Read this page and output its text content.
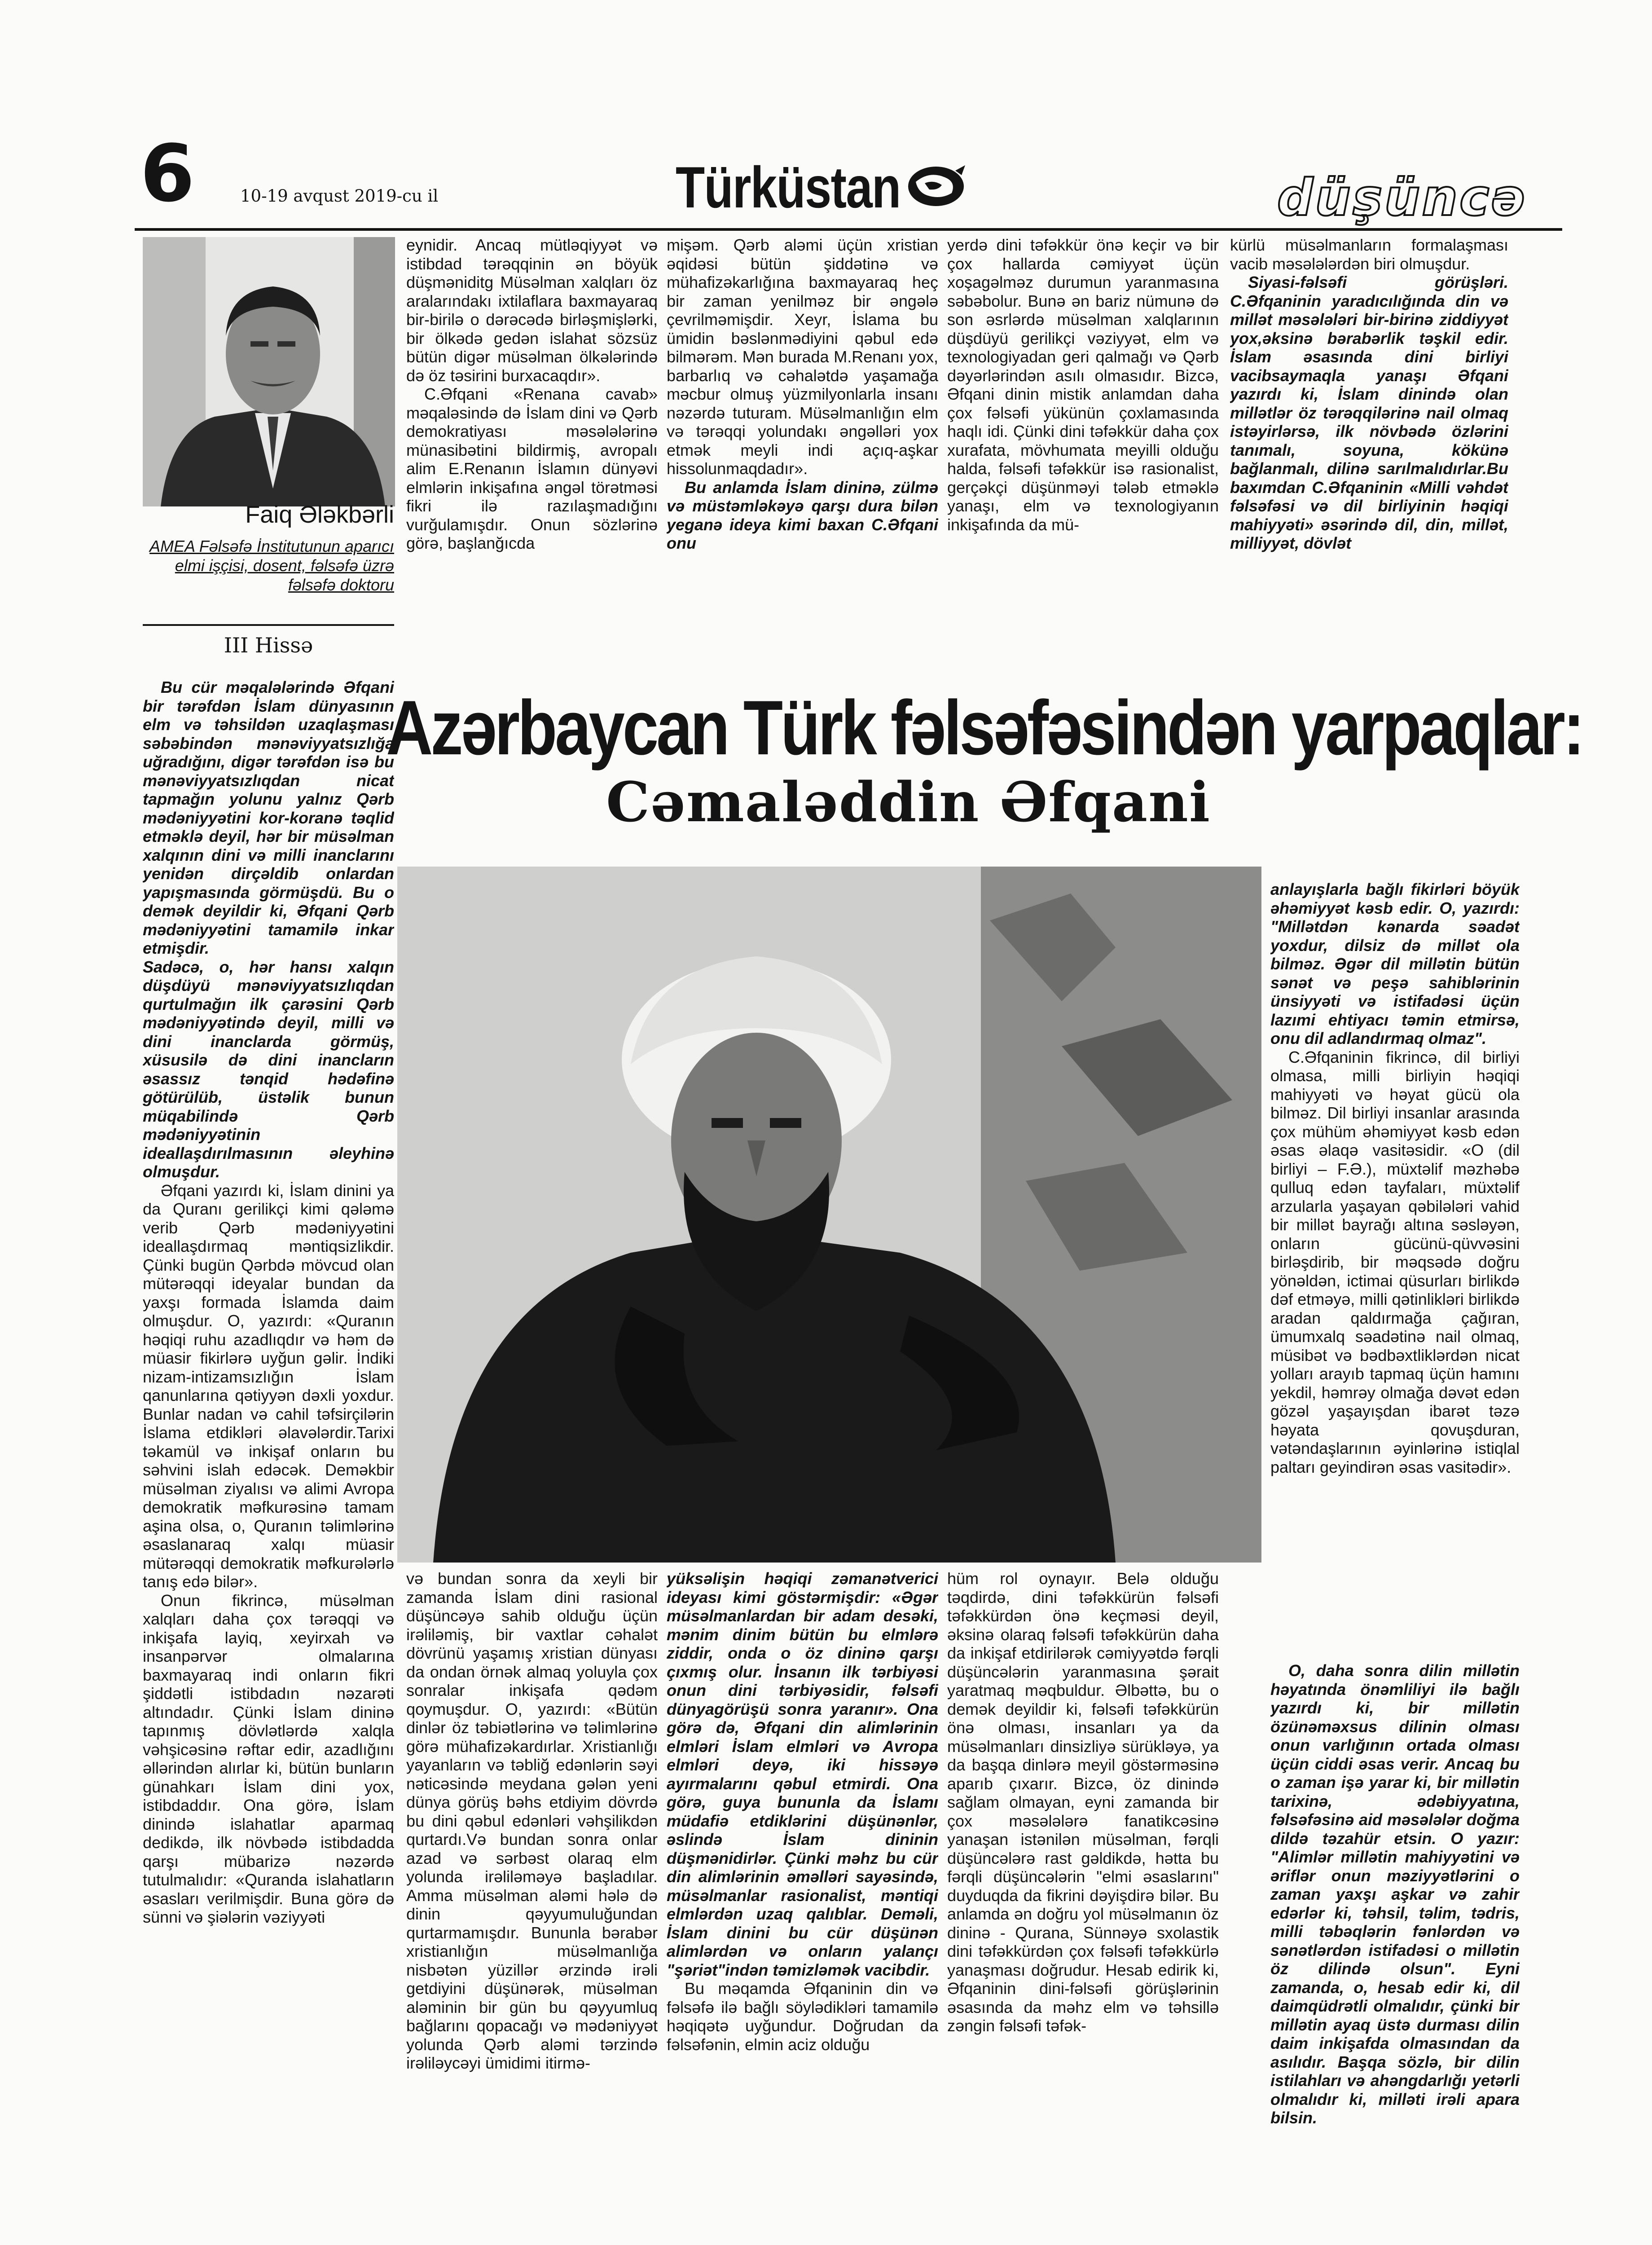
6	10-19 avqust 2019-cu il	Türküstan	düşüncə
Faiq Ələkbərli
AMEA Fəlsəfə İnstitutunun aparıcı elmi işçisi, dosent, fəlsəfə üzrə fəlsəfə doktoru
III Hissə

Bu cür məqalələrində Əfqani bir tərəfdən İslam dünyasının elm və təhsildən uzaqlaşması səbəbindən mənəviyyatsızlığa uğradığını, digər tərəfdən isə bu mənəviyyatsızlıqdan nicat tapmağın yolunu yalnız Qərb mədəniyyətini kor-koranə təqlid etməklə deyil, hər bir müsəlman xalqının dini və milli inanclarını yenidən dirçəldib onlardan yapışmasında görmüşdü. Bu o demək deyildir ki, Əfqani Qərb mədəniyyətini tamamilə inkar etmişdir.

Sadəcə, o, hər hansı xalqın düşdüyü mənəviyyatsızlıqdan qurtulmağın ilk çarəsini Qərb mədəniyyətində deyil, milli və dini inanclarda görmüş, xüsusilə də dini inancların əsassız tənqid hədəfinə götürülüb, üstəlik bunun müqabilində Qərb mədəniyyətinin ideallaşdırılmasının əleyhinə olmuşdur.

Əfqani yazırdı ki, İslam dinini ya da Quranı gerilikçi kimi qələmə verib Qərb mədəniyyətini ideallaşdırmaq məntiqsizlikdir. Çünki bugün Qərbdə mövcud olan mütərəqqi ideyalar bundan da yaxşı formada İslamda daim olmuşdur. O, yazırdı: «Quranın həqiqi ruhu azadlıqdır və həm də müasir fikirlərə uyğun gəlir. İndiki nizam-intizamsızlığın İslam qanunlarına qətiyyən dəxli yoxdur. Bunlar nadan və cahil təfsirçilərin İslama etdikləri əlavələrdir.Tarixi təkamül və inkişaf onların bu səhvini islah edəcək. Deməkbir müsəlman ziyalısı və alimi Avropa demokratik məfkurəsinə tamam aşina olsa, o, Quranın təlimlərinə əsaslanaraq xalqı müasir mütərəqqi demokratik məfkurələrlə tanış edə bilər».

Onun fikrincə, müsəlman xalqları daha çox tərəqqi və inkişafa layiq, xeyirxah və insanpərvər olmalarına baxmayaraq indi onların fikri şiddətli istibdadın nəzarəti altındadır. Çünki İslam dininə tapınmış dövlətlərdə xalqla vəhşicəsinə rəftar edir, azadlığını əllərindən alırlar ki, bütün bunların günahkarı İslam dini yox, istibdaddır. Ona görə, İslam dinində islahatlar aparmaq dedikdə, ilk növbədə istibdadda qarşı mübarizə nəzərdə tutulmalıdır: «Quranda islahatların əsasları verilmişdir. Buna görə də sünni və şiələrin vəziyyəti

eynidir. Ancaq mütləqiyyət və istibdad tərəqqinin ən böyük düşməniditg Müsəlman xalqları öz aralarındakı ixtilaflara baxmayaraq bir-birilə o dərəcədə birləşmişlərki, bir ölkədə gedən islahat sözsüz bütün digər müsəlman ölkələrində də öz təsirini burxacaqdır».

C.Əfqani «Renana cavab» məqaləsində də İslam dini və Qərb demokratiyası məsələlərinə münasibətini bildirmiş, avropalı alim E.Renanın İslamın dünyəvi elmlərin inkişafına əngəl törətməsi fikri ilə razılaşmadığını vurğulamışdır. Onun sözlərinə görə, başlanğıcda

mişəm. Qərb aləmi üçün xristian əqidəsi bütün şiddətinə və mühafizəkarlığına baxmayaraq heç bir zaman yenilməz bir əngələ çevrilməmişdir. Xeyr, İslama bu ümidin bəslənmədiyini qəbul edə bilmərəm. Mən burada M.Renanı yox, barbarlıq və cəhalətdə yaşamağa məcbur olmuş yüzmilyonlarla insanı nəzərdə tuturam. Müsəlmanlığın elm və tərəqqi yolundakı əngəlləri yox etmək meyli indi açıq-aşkar hissolunmaqdadır».

Bu anlamda İslam dininə, zülmə və müstəmləkəyə qarşı dura bilən yeganə ideya kimi baxan C.Əfqani onu

yerdə dini təfəkkür önə keçir və bir çox hallarda cəmiyyət üçün xoşagəlməz durumun yaranmasına səbəbolur. Bunə ən bariz nümunə də son əsrlərdə müsəlman xalqlarının düşdüyü gerilikçi vəziyyət, elm və texnologiyadan geri qalmağı və Qərb dəyərlərindən asılı olmasıdır. Bizcə, Əfqani dinin mistik anlamdan daha çox fəlsəfi yükünün çoxlamasında haqlı idi. Çünki dini təfəkkür daha çox xurafata, mövhumata meyilli olduğu halda, fəlsəfi təfəkkür isə rasionalist, gerçəkçi düşünməyi tələb etməklə yanaşı, elm və texnologiyanın inkişafında da mü-

kürlü müsəlmanların formalaşması vacib məsələlərdən biri olmuşdur.

Siyasi-fəlsəfi görüşləri. C.Əfqaninin yaradıcılığında din və millət məsələləri bir-birinə zidd​iyyət yox,əksinə bərabərlik təşkil edir. İslam əsasında dini birliyi vacibsaymaqla yanaşı Əfqani yazırdı ki, İslam dinində olan millətlər öz tərəqqilərinə nail olmaq istəyirlərsə, ilk növbədə özlərini tanımalı, soyuna, kökünə bağlanmalı, dilinə sarılmalıdırlar.Bu baxımdan C.Əfqaninin «Milli vəhdət fəlsəfəsi və dil birliyinin həqiqi mahiyyəti» əsərində dil, din, millət, milliyyət, dövlət

Azərbaycan Türk fəlsəfəsindən yarpaqlar:
Cəmaləddin Əfqani

anlayışlarla bağlı fikirləri böyük əhəmiyyət kəsb edir. O, yazırdı: "Millətdən kənarda səadət yoxdur, dilsiz də millət ola bilməz. Əgər dil millətin bütün sənət və peşə sahiblərinin ünsiyyəti və istifadəsi üçün lazımi ehtiyacı təmin etmirsə, onu dil adlandırmaq olmaz".

C.Əfqaninin fikrincə, dil birliyi olmasa, milli birliyin həqiqi mahiyyəti və həyat gücü ola bilməz. Dil birliyi insanlar arasında çox mühüm əhəmiyyət kəsb edən əsas əlaqə vasitəsidir. «O (dil birliyi – F.Ə.), müxtəlif məzhəbə qulluq edən tayfaları, müxtəlif arzularla yaşayan qəbilələri vahid bir millət bayrağı altına səsləyən, onların gücünü-qüvvəsini birləşdirib, bir məqsədə doğru yönəldən, ictimai qüsurları birlikdə dəf etməyə, milli qətinlikləri birlikdə aradan qaldırmağa çağıran, ümumxalq səadətinə nail olmaq, müsibət və bədbəxtliklərdən nicat yolları arayıb tapmaq üçün hamını yekdil, həmrəy olmağa dəvət edən gözəl yaşayışdan ibarət təzə həyata qovuşduran, vətəndaşlarının əyinlərinə istiqlal paltarı geyindirən əsas vasitədir».

və bundan sonra da xeyli bir zamanda İslam dini rasional düşüncəyə sahib olduğu üçün irəliləmiş, bir vaxtlar cəhalət dövrünü yaşamış xristian dünyası da ondan örnək almaq yoluyla çox sonralar inkişafa qədəm qoymuşdur. O, yazırdı: «Bütün dinlər öz təbiətlərinə və təlimlərinə görə mühafizəkardırlar. Xristianlığı yayanların və təbliğ edənlərin səyi nəticəsində meydana gələn yeni dünya görüş bəhs etdiyim dövrdə bu dini qəbul edənləri vəhşilikdən qurtardı.Və bundan sonra onlar azad və sərbəst olaraq elm yolunda irəliləməyə başladılar. Amma müsəlman aləmi hələ də dinin qəyyumuluğundan qurtarmamışdır. Bununla bərabər xristianlığın müsəlmanlığa nisbətən yüzillər ərzində irəli getdiyini düşünərək, müsəlman aləminin bir gün bu qəyyumluq bağlarını qopacağı və mədəniyyət yolunda Qərb aləmi tərzində irəliləycəyi ümidimi itirmə-

yüksəlişin həqiqi zəmanətverici ideyası kimi göstərmişdir: «Əgər müsəlmanlardan bir adam desəki, mənim dinim bütün bu elmlərə ziddir, onda o öz dininə qarşı çıxmış olur. İnsanın ilk tərbiyəsi onun dini tərbiyəsidir, fəlsəfi dünyagörüşü sonra yaranır». Ona görə də, Əfqani din alimlərinin elmləri İslam elmləri və Avropa elmləri deyə, iki hissəyə ayırmalarını qəbul etmirdi. Ona görə, guya bununla da İslamı müdafiə etdiklərini düşünənlər, əslində İslam dininin düşmənidirlər. Çünki məhz bu cür din alimlərinin əməlləri sayəsində, müsəlmanlar rasionalist, məntiqi elmlərdən uzaq qalıblar. Deməli, İslam dinini bu cür düşünən alimlərdən və onların yalançı "şəriət"indən təmizləmək vacibdir.

Bu məqamda Əfqaninin din və fəlsəfə ilə bağlı söylədikləri tamamilə həqiqətə uyğundur. Doğrudan da fəlsəfənin, elmin aciz olduğu

hüm rol oynayır. Belə olduğu təqdirdə, dini təfəkkürün fəlsəfi təfəkkürdən önə keçməsi deyil, əksinə olaraq fəlsəfi təfəkkürün daha da inkişaf etdirilərək cəmiyyətdə fərqli düşüncələrin yaranmasına şərait yaratmaq məqbuldur. Əlbəttə, bu o demək deyildir ki, fəlsəfi təfəkkürün önə olması, insanları ya da müsəlmanları dinsizliyə sürükləyə, ya da başqa dinlərə meyil göstərməsinə aparıb çıxarır. Bizcə, öz dinində sağlam olmayan, eyni zamanda bir çox məsələlərə fanatikcəsinə yanaşan istənilən müsəlman, fərqli düşüncələrə rast gəldikdə, hətta bu fərqli düşüncələrin "elmi əsaslarını" duyduqda da fikrini dəyişdirə bilər. Bu anlamda ən doğru yol müsəlmanın öz dininə - Qurana, Sünnəyə sxolastik dini təfəkkürdən çox fəlsəfi təfəkkürlə yanaşması doğrudur. Hesab edirik ki, Əfqaninin dini-fəlsəfi görüşlərinin əsasında da məhz elm və təhsillə zəngin fəlsəfi təfək-

O, daha sonra dilin millətin həyatında önəmliliyi ilə bağlı yazırdı ki, bir millətin özünəməxsus dilinin olması onun varlığının ortada olması üçün ciddi əsas verir. Ancaq bu o zaman işə yarar ki, bir millətin tarixinə, ədəbiyyatına, fəlsəfəsinə aid məsələlər doğma dildə təzahür etsin. O yazır: "Alimlər millətin mahiyyətini və əriflər onun məziyyətlərini o zaman yaxşı aşkar və zahir edərlər ki, təhsil, təlim, tədris, milli təbəqlərin fənlərdən və sənətlərdən istifadəsi o millətin öz dilində olsun". Eyni zamanda, o, hesab edir ki, dil daimqüdrətli olmalıdır, çünki bir millətin ayaq üstə durması dilin daim inkişafda olmasından da asılıdır. Başqa sözlə, bir dilin istilahları və ahəngdarlığı yetərli olmalıdır ki, milləti irəli apara bilsin.
